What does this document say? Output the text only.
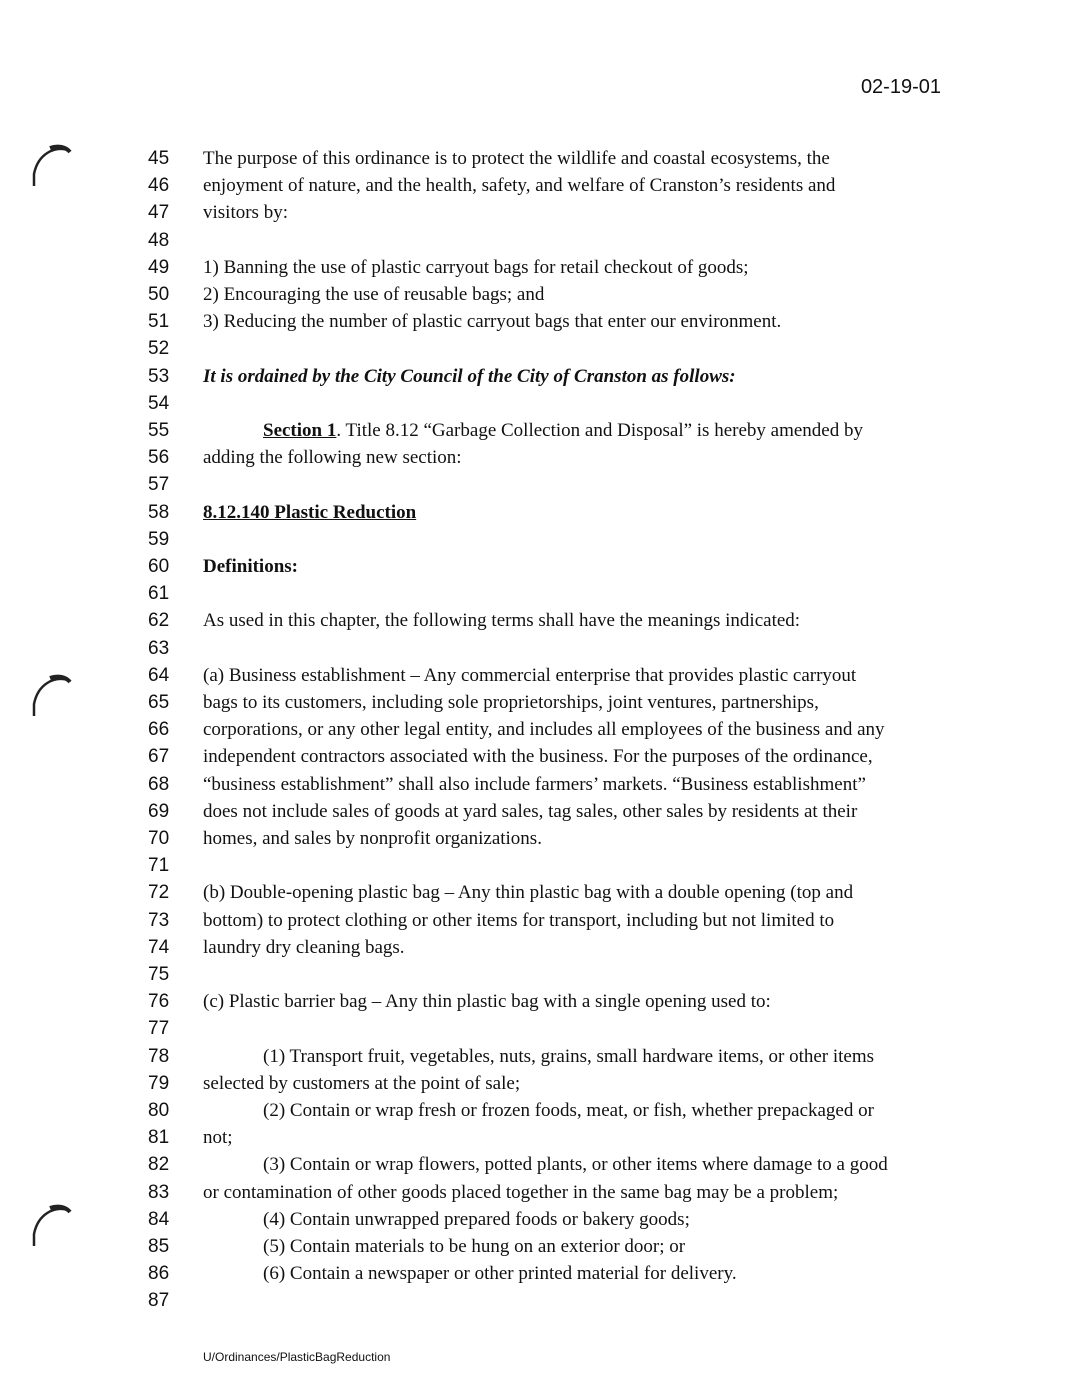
02-19-01
45	The purpose of this ordinance is to protect the wildlife and coastal ecosystems, the
46	enjoyment of nature, and the health, safety, and welfare of Cranston’s residents and
47	visitors by:
48
49	1) Banning the use of plastic carryout bags for retail checkout of goods;
50	2) Encouraging the use of reusable bags; and
51	3) Reducing the number of plastic carryout bags that enter our environment.
52
53	It is ordained by the City Council of the City of Cranston as follows:
54
55	Section 1. Title 8.12 “Garbage Collection and Disposal” is hereby amended by
56	adding the following new section:
57
58	8.12.140 Plastic Reduction
59
60	Definitions:
61
62	As used in this chapter, the following terms shall have the meanings indicated:
63
64	(a) Business establishment – Any commercial enterprise that provides plastic carryout
65	bags to its customers, including sole proprietorships, joint ventures, partnerships,
66	corporations, or any other legal entity, and includes all employees of the business and any
67	independent contractors associated with the business. For the purposes of the ordinance,
68	“business establishment” shall also include farmers’ markets. “Business establishment”
69	does not include sales of goods at yard sales, tag sales, other sales by residents at their
70	homes, and sales by nonprofit organizations.
71
72	(b) Double-opening plastic bag – Any thin plastic bag with a double opening (top and
73	bottom) to protect clothing or other items for transport, including but not limited to
74	laundry dry cleaning bags.
75
76	(c) Plastic barrier bag – Any thin plastic bag with a single opening used to:
77
78	(1) Transport fruit, vegetables, nuts, grains, small hardware items, or other items
79	selected by customers at the point of sale;
80	(2) Contain or wrap fresh or frozen foods, meat, or fish, whether prepackaged or
81	not;
82	(3) Contain or wrap flowers, potted plants, or other items where damage to a good
83	or contamination of other goods placed together in the same bag may be a problem;
84	(4) Contain unwrapped prepared foods or bakery goods;
85	(5) Contain materials to be hung on an exterior door; or
86	(6) Contain a newspaper or other printed material for delivery.
87
U/Ordinances/PlasticBagReduction
